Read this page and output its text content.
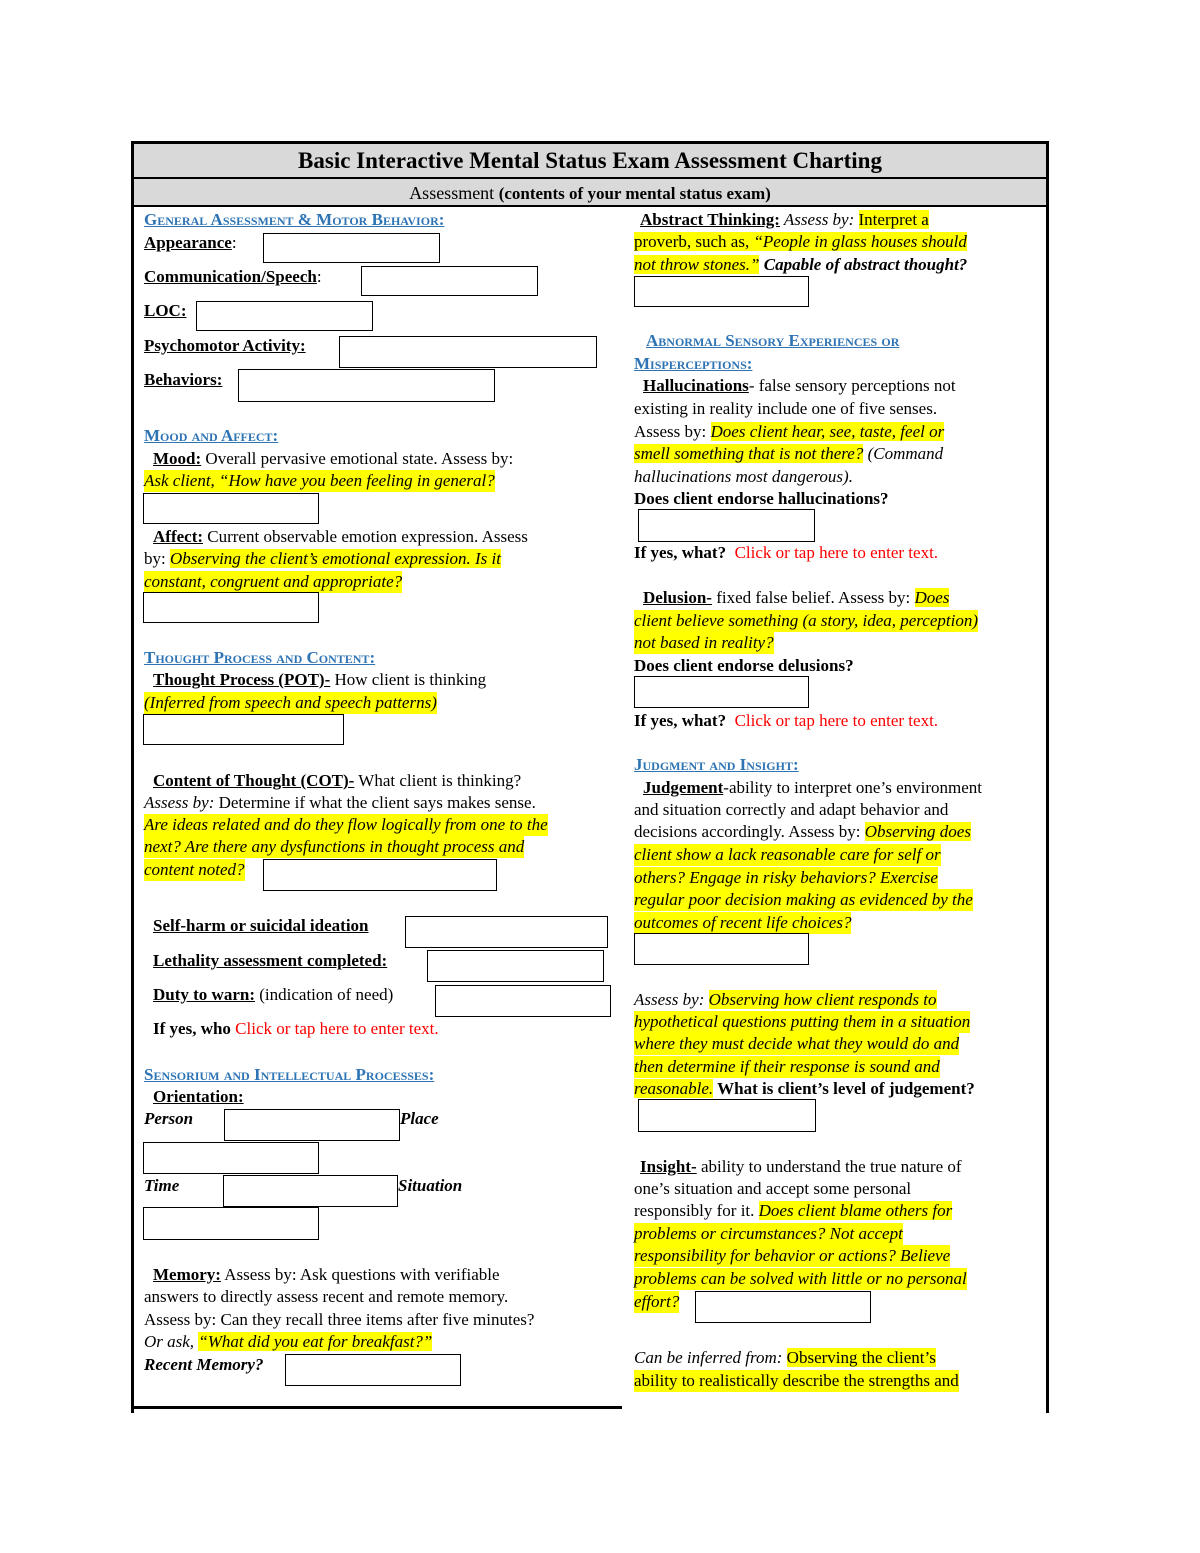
Basic Interactive Mental Status Exam Assessment Charting
Assessment (contents of your mental status exam)
General Assessment & Motor Behavior:
Appearance:
Communication/Speech:
LOC:
Psychomotor Activity:
Behaviors:
Mood and Affect:
Mood: Overall pervasive emotional state. Assess by:
Ask client, “How have you been feeling in general?
Affect: Current observable emotion expression. Assess
by: Observing the client’s emotional expression. Is it
constant, congruent and appropriate?
Thought Process and Content:
Thought Process (POT)- How client is thinking
(Inferred from speech and speech patterns)
Content of Thought (COT)- What client is thinking?
Assess by: Determine if what the client says makes sense.
Are ideas related and do they flow logically from one to the
next? Are there any dysfunctions in thought process and
content noted?
Self-harm or suicidal ideation
Lethality assessment completed:
Duty to warn: (indication of need)
If yes, who Click or tap here to enter text.
Sensorium and Intellectual Processes:
Orientation:
Person	Place
Time	Situation
Memory: Assess by: Ask questions with verifiable
answers to directly assess recent and remote memory.
Assess by: Can they recall three items after five minutes?
Or ask, “What did you eat for breakfast?”
Recent Memory?
Abstract Thinking: Assess by: Interpret a
proverb, such as, “People in glass houses should
not throw stones.” Capable of abstract thought?
Abnormal Sensory Experiences or
Misperceptions:
Hallucinations- false sensory perceptions not
existing in reality include one of five senses.
Assess by: Does client hear, see, taste, feel or
smell something that is not there? (Command
hallucinations most dangerous).
Does client endorse hallucinations?
If yes, what? Click or tap here to enter text.
Delusion- fixed false belief. Assess by: Does
client believe something (a story, idea, perception)
not based in reality?
Does client endorse delusions?
If yes, what? Click or tap here to enter text.
Judgment and Insight:
Judgement-ability to interpret one’s environment
and situation correctly and adapt behavior and
decisions accordingly. Assess by: Observing does
client show a lack reasonable care for self or
others? Engage in risky behaviors? Exercise
regular poor decision making as evidenced by the
outcomes of recent life choices?
Assess by: Observing how client responds to
hypothetical questions putting them in a situation
where they must decide what they would do and
then determine if their response is sound and
reasonable. What is client’s level of judgement?
Insight- ability to understand the true nature of
one’s situation and accept some personal
responsibly for it. Does client blame others for
problems or circumstances? Not accept
responsibility for behavior or actions? Believe
problems can be solved with little or no personal
effort?
Can be inferred from: Observing the client’s
ability to realistically describe the strengths and
